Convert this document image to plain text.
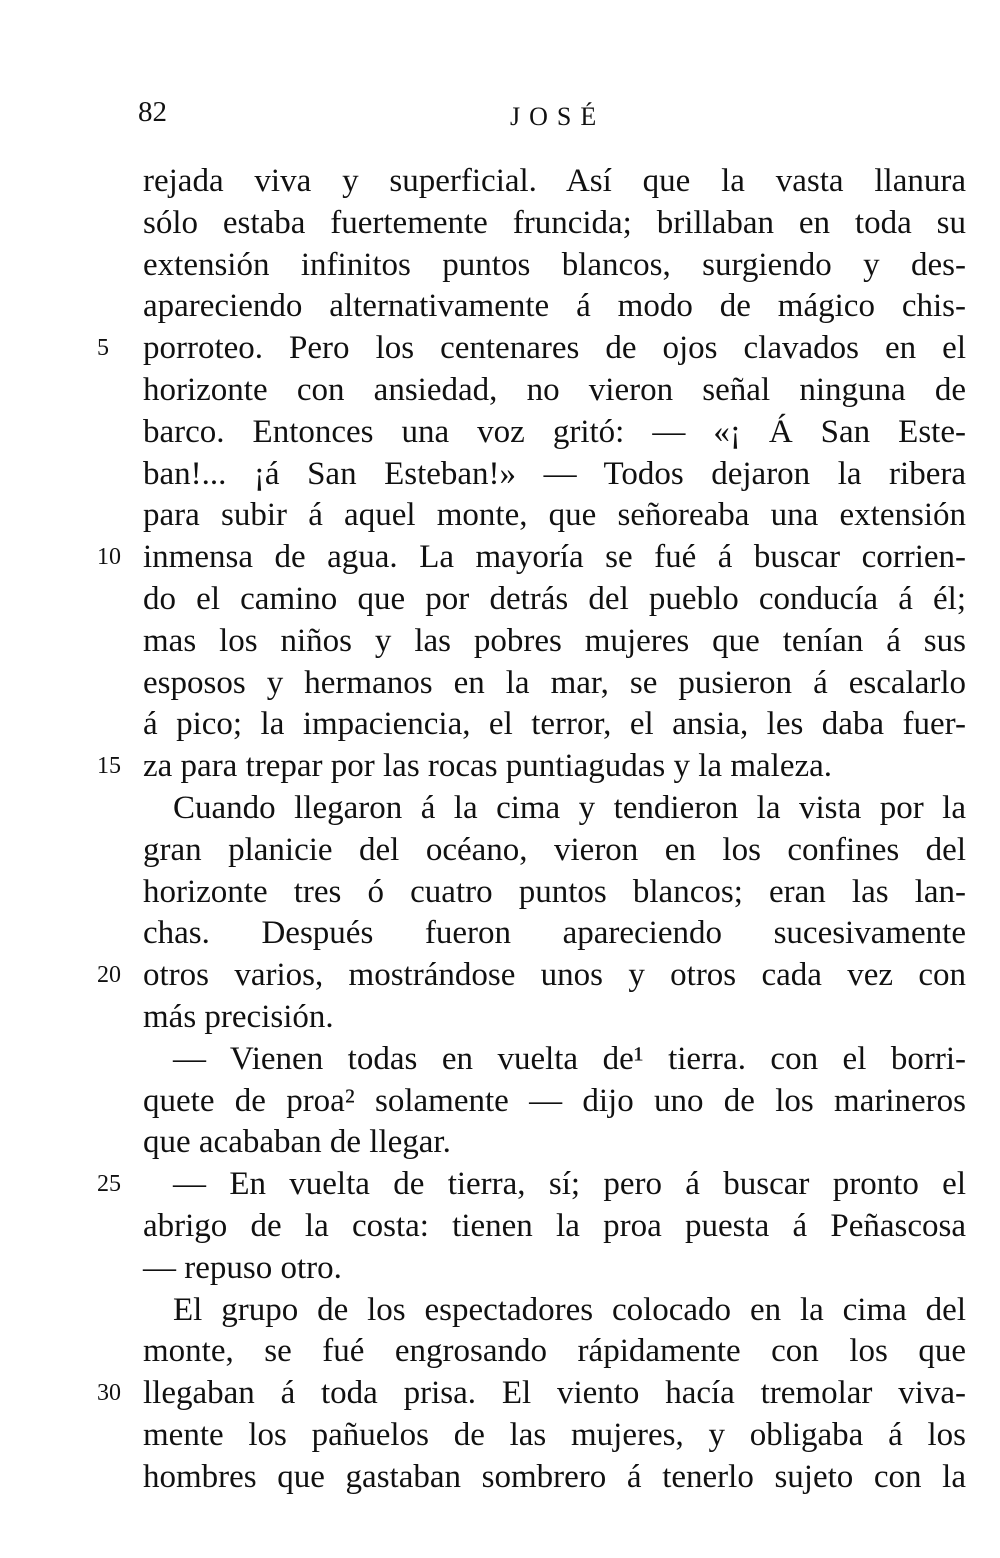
82	JOSÉ
rejada viva y superficial. Así que la vasta llanura
sólo estaba fuertemente fruncida; brillaban en toda su
extensión infinitos puntos blancos, surgiendo y des-
apareciendo alternativamente á modo de mágico chis-
5 porroteo. Pero los centenares de ojos clavados en el
horizonte con ansiedad, no vieron señal ninguna de
barco. Entonces una voz gritó: — «¡ Á San Este-
ban!... ¡á San Esteban!» — Todos dejaron la ribera
para subir á aquel monte, que señoreaba una extensión
10 inmensa de agua. La mayoría se fué á buscar corrien-
do el camino que por detrás del pueblo conducía á él;
mas los niños y las pobres mujeres que tenían á sus
esposos y hermanos en la mar, se pusieron á escalarlo
á pico; la impaciencia, el terror, el ansia, les daba fuer-
15 za para trepar por las rocas puntiagudas y la maleza.
Cuando llegaron á la cima y tendieron la vista por la
gran planicie del océano, vieron en los confines del
horizonte tres ó cuatro puntos blancos; eran las lan-
chas. Después fueron apareciendo sucesivamente
20 otros varios, mostrándose unos y otros cada vez con
más precisión.
— Vienen todas en vuelta de¹ tierra. con el borri-
quete de proa² solamente — dijo uno de los marineros
que acababan de llegar.
25 — En vuelta de tierra, sí; pero á buscar pronto el
abrigo de la costa: tienen la proa puesta á Peñascosa
— repuso otro.
El grupo de los espectadores colocado en la cima del
monte, se fué engrosando rápidamente con los que
30 llegaban á toda prisa. El viento hacía tremolar viva-
mente los pañuelos de las mujeres, y obligaba á los
hombres que gastaban sombrero á tenerlo sujeto con la
